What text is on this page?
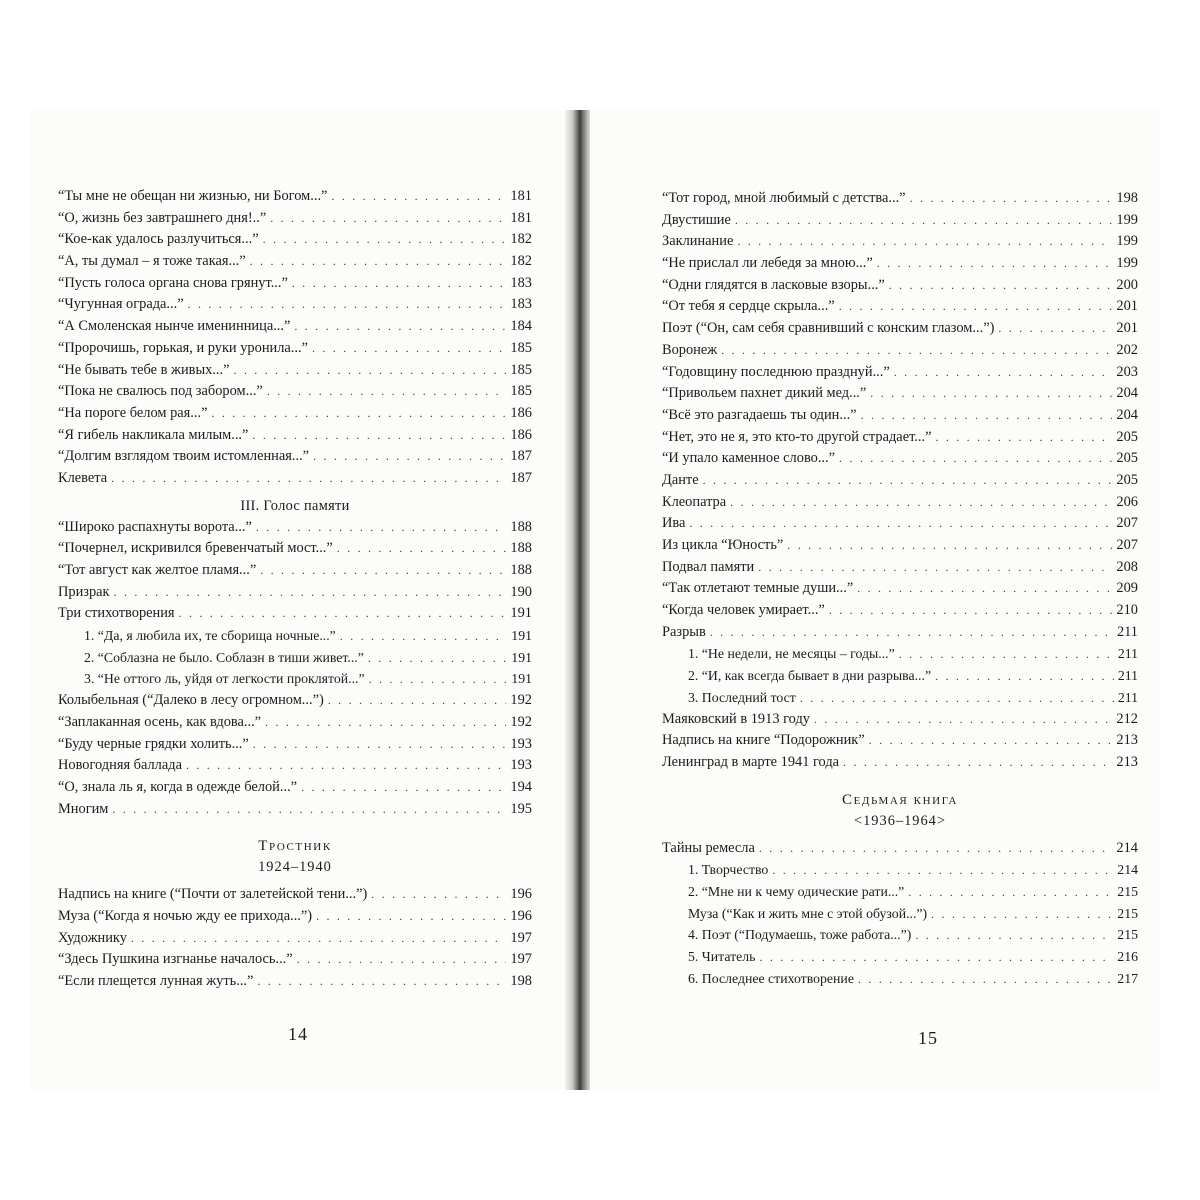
“Ты мне не обещан ни жизнью, ни Богом...” . . .	181
“О, жизнь без завтрашнего дня!..” . . .	181
“Кое-как удалось разлучиться...” . . .	182
“А, ты думал – я тоже такая...” . . .	182
“Пусть голоса органа снова грянут...” . . .	183
“Чугунная ограда...” . . .	183
“А Смоленская нынче именинница...” . . .	184
“Пророчишь, горькая, и руки уронила...” . . .	185
“Не бывать тебе в живых...” . . .	185
“Пока не свалюсь под забором...” . . .	185
“На пороге белом рая...” . . .	186
“Я гибель накликала милым...” . . .	186
“Долгим взглядом твоим истомленная...” . . .	187
Клевета . . .	187
III. Голос памяти
“Широко распахнуты ворота...” . . .	188
“Почернел, искривился бревенчатый мост...” . . .	188
“Тот август как желтое пламя...” . . .	188
Призрак . . .	190
Три стихотворения . . .	191
1. “Да, я любила их, те сборища ночные...” . . .	191
2. “Соблазна не было. Соблазн в тиши живет...” . . .	191
3. “Не оттого ль, уйдя от легкости проклятой...” . . .	191
Колыбельная (“Далеко в лесу огромном...”) . . .	192
“Заплаканная осень, как вдова...” . . .	192
“Буду черные грядки холить...” . . .	193
Новогодняя баллада . . .	193
“О, знала ль я, когда в одежде белой...” . . .	194
Многим . . .	195
Тростник
1924–1940
Надпись на книге (“Почти от залетейской тени...”) . . .	196
Муза (“Когда я ночью жду ее прихода...”) . . .	196
Художнику . . .	197
“Здесь Пушкина изгнанье началось...” . . .	197
“Если плещется лунная жуть...” . . .	198
14
“Тот город, мной любимый с детства...” . . .	198
Двустишие . . .	199
Заклинание . . .	199
“Не прислал ли лебедя за мною...” . . .	199
“Одни глядятся в ласковые взоры...” . . .	200
“От тебя я сердце скрыла...” . . .	201
Поэт (“Он, сам себя сравнивший с конским глазом...”) . . .	201
Воронеж . . .	202
“Годовщину последнюю празднуй...” . . .	203
“Привольем пахнет дикий мед...” . . .	204
“Всё это разгадаешь ты один...” . . .	204
“Нет, это не я, это кто-то другой страдает...” . . .	205
“И упало каменное слово...” . . .	205
Данте . . .	205
Клеопатра . . .	206
Ива . . .	207
Из цикла “Юность” . . .	207
Подвал памяти . . .	208
“Так отлетают темные души...” . . .	209
“Когда человек умирает...” . . .	210
Разрыв . . .	211
1. “Не недели, не месяцы – годы...” . . .	211
2. “И, как всегда бывает в дни разрыва...” . . .	211
3. Последний тост . . .	211
Маяковский в 1913 году . . .	212
Надпись на книге “Подорожник” . . .	213
Ленинград в марте 1941 года . . .	213
Седьмая книга
<1936–1964>
Тайны ремесла . . .	214
1. Творчество . . .	214
2. “Мне ни к чему одические рати...” . . .	215
Муза (“Как и жить мне с этой обузой...”) . . .	215
4. Поэт (“Подумаешь, тоже работа...”) . . .	215
5. Читатель . . .	216
6. Последнее стихотворение . . .	217
15
